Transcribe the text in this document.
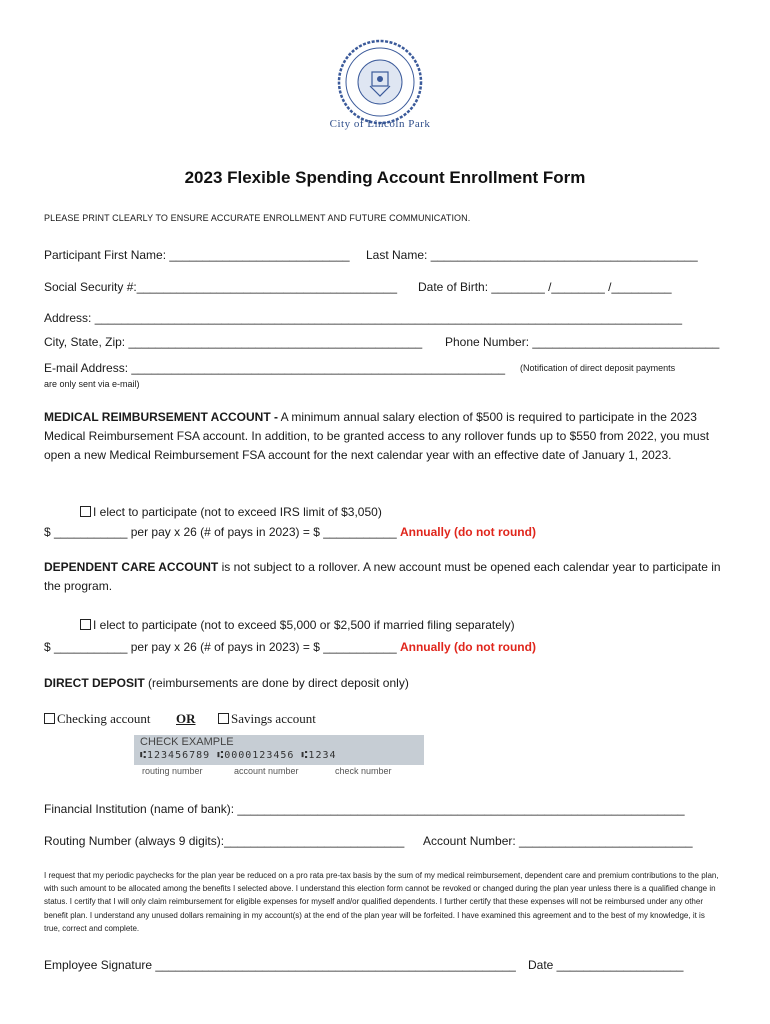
City of Lincoln Park
2023 Flexible Spending Account Enrollment Form
PLEASE PRINT CLEARLY TO ENSURE ACCURATE ENROLLMENT AND FUTURE COMMUNICATION.
Participant First Name: ___________________________ Last Name: ________________________________________
Social Security #:_______________________________________ Date of Birth: ________ /________ /_________
Address: ________________________________________________________________________________________
City, State, Zip: ____________________________________________ Phone Number: ____________________________
E-mail Address: ________________________________________________________ (Notification of direct deposit payments
are only sent via e-mail)
MEDICAL REIMBURSEMENT ACCOUNT - A minimum annual salary election of $500 is required to participate in the 2023 Medical Reimbursement FSA account. In addition, to be granted access to any rollover funds up to $550 from 2022, you must open a new Medical Reimbursement FSA account for the next calendar year with an effective date of January 1, 2023.
I elect to participate (not to exceed IRS limit of $3,050)
$ ___________ per pay x 26 (# of pays in 2023) = $ ___________ Annually (do not round)
DEPENDENT CARE ACCOUNT is not subject to a rollover. A new account must be opened each calendar year to participate in the program.
I elect to participate (not to exceed $5,000 or $2,500 if married filing separately)
$ ___________ per pay x 26 (# of pays in 2023) = $ ___________ Annually (do not round)
DIRECT DEPOSIT (reimbursements are done by direct deposit only)
Checking account OR	Savings account
CHECK EXAMPLE
⑆123456789 ⑆0000123456 ⑆1234
routing number	account number	check number
Financial Institution (name of bank): ___________________________________________________________________
Routing Number (always 9 digits):___________________________ Account Number: __________________________
I request that my periodic paychecks for the plan year be reduced on a pro rata pre-tax basis by the sum of my medical reimbursement, dependent care and premium contributions to the plan, with such amount to be allocated among the benefits I selected above. I understand this election form cannot be revoked or changed during the plan year unless there is a qualified change in status. I certify that I will only claim reimbursement for eligible expenses for myself and/or qualified dependents. I further certify that these expenses will not be reimbursed under any other benefit plan. I understand any unused dollars remaining in my account(s) at the end of the plan year will be forfeited. I have examined this agreement and to the best of my knowledge, it is true, correct and complete.
Employee Signature ______________________________________________________ Date ___________________
